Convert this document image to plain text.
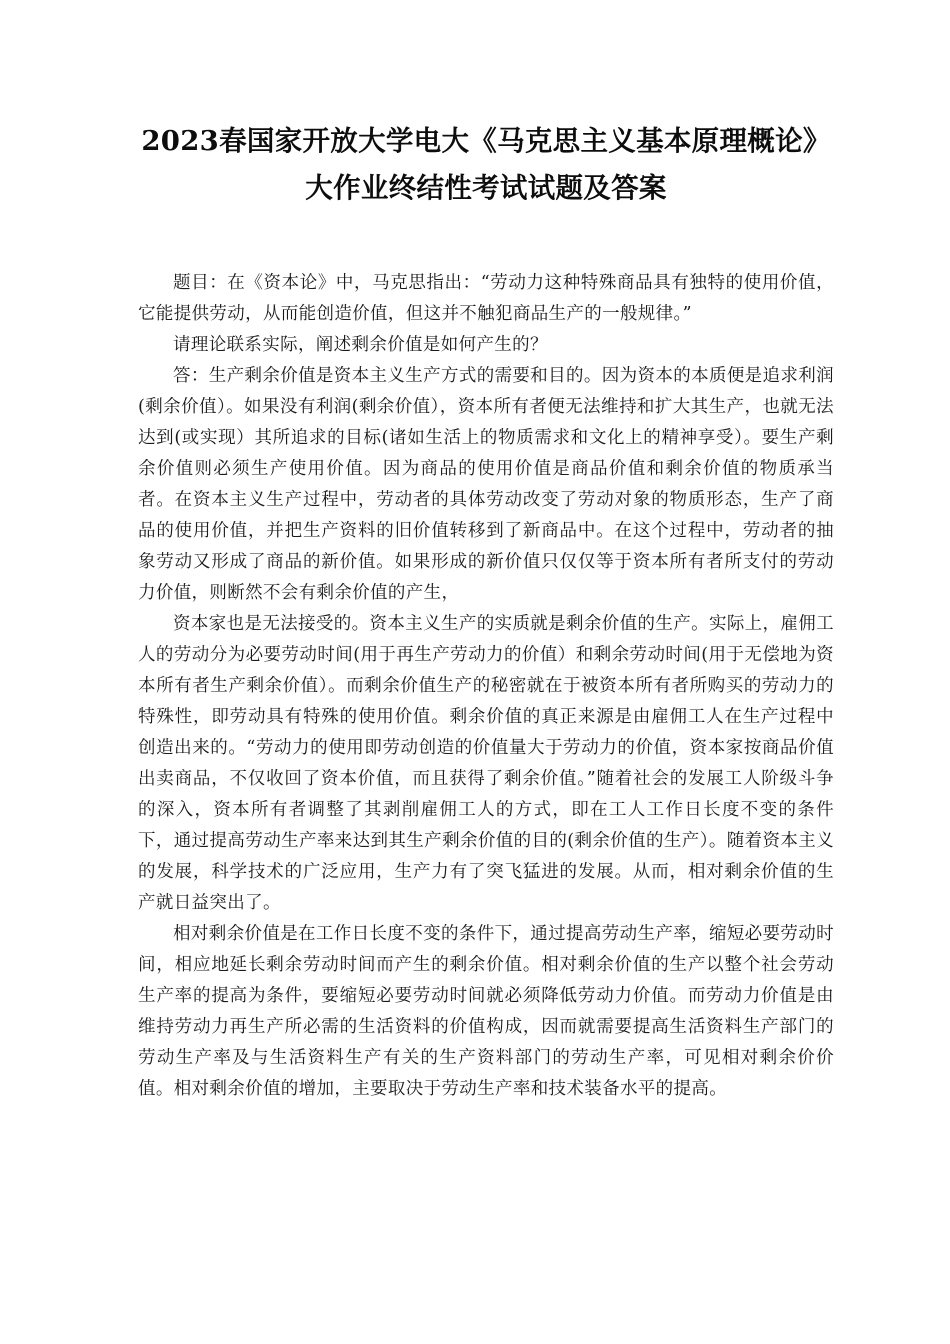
2023春国家开放大学电大《马克思主义基本原理概论》
大作业终结性考试试题及答案

题目：在《资本论》中，马克思指出：“劳动力这种特殊商品具有独特的使用价值，它能提供劳动，从而能创造价值，但这并不触犯商品生产的一般规律。”

请理论联系实际，阐述剩余价值是如何产生的？

答：生产剩余价值是资本主义生产方式的需要和目的。因为资本的本质便是追求利润(剩余价值）。如果没有利润(剩余价值），资本所有者便无法维持和扩大其生产，也就无法达到(或实现）其所追求的目标(诸如生活上的物质需求和文化上的精神享受）。要生产剩余价值则必须生产使用价值。因为商品的使用价值是商品价值和剩余价值的物质承当者。在资本主义生产过程中，劳动者的具体劳动改变了劳动对象的物质形态，生产了商品的使用价值，并把生产资料的旧价值转移到了新商品中。在这个过程中，劳动者的抽象劳动又形成了商品的新价值。如果形成的新价值只仅仅等于资本所有者所支付的劳动力价值，则断然不会有剩余价值的产生，

资本家也是无法接受的。资本主义生产的实质就是剩余价值的生产。实际上，雇佣工人的劳动分为必要劳动时间(用于再生产劳动力的价值）和剩余劳动时间(用于无偿地为资本所有者生产剩余价值）。而剩余价值生产的秘密就在于被资本所有者所购买的劳动力的特殊性，即劳动具有特殊的使用价值。剩余价值的真正来源是由雇佣工人在生产过程中创造出来的。“劳动力的使用即劳动创造的价值量大于劳动力的价值，资本家按商品价值出卖商品，不仅收回了资本价值，而且获得了剩余价值。”随着社会的发展工人阶级斗争的深入，资本所有者调整了其剥削雇佣工人的方式，即在工人工作日长度不变的条件下，通过提高劳动生产率来达到其生产剩余价值的目的(剩余价值的生产）。随着资本主义的发展，科学技术的广泛应用，生产力有了突飞猛进的发展。从而，相对剩余价值的生产就日益突出了。

相对剩余价值是在工作日长度不变的条件下，通过提高劳动生产率，缩短必要劳动时间，相应地延长剩余劳动时间而产生的剩余价值。相对剩余价值的生产以整个社会劳动生产率的提高为条件，要缩短必要劳动时间就必须降低劳动力价值。而劳动力价值是由维持劳动力再生产所必需的生活资料的价值构成，因而就需要提高生活资料生产部门的劳动生产率及与生活资料生产有关的生产资料部门的劳动生产率，可见相对剩余价价值。相对剩余价值的增加，主要取决于劳动生产率和技术装备水平的提高。
